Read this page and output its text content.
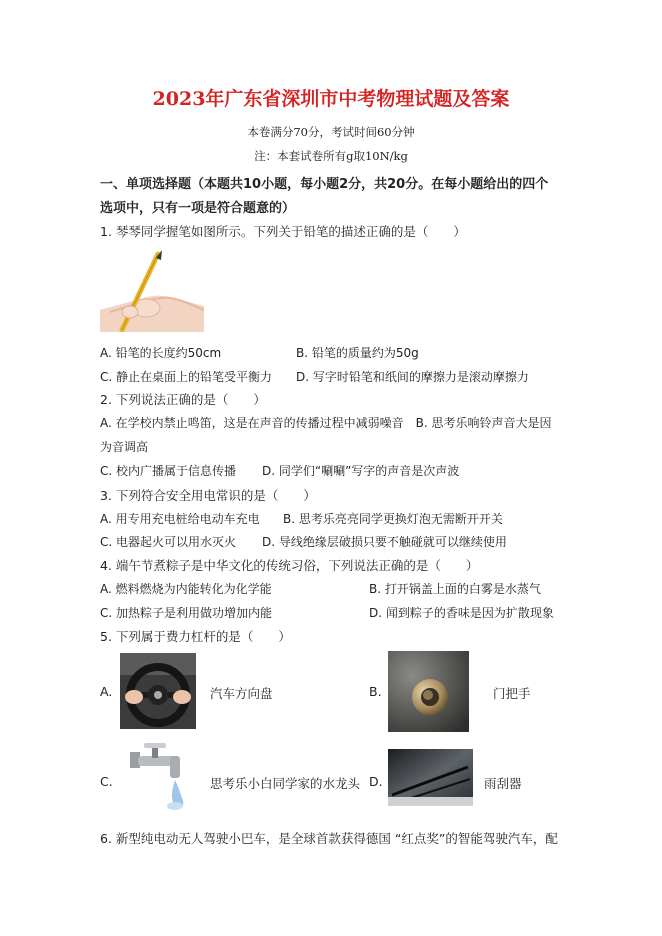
2023年广东省深圳市中考物理试题及答案
本卷满分70分，考试时间60分钟
注：本套试卷所有g取10N/kg
一、单项选择题（本题共10小题，每小题2分，共20分。在每小题给出的四个
选项中，只有一项是符合题意的）
1. 琴琴同学握笔如图所示。下列关于铅笔的描述正确的是（　　）
A. 铅笔的长度约50cm	B. 铅笔的质量约为50g
C. 静止在桌面上的铅笔受平衡力 D. 写字时铅笔和纸间的摩擦力是滚动摩擦力
2. 下列说法正确的是（　　）
A. 在学校内禁止鸣笛，这是在声音的传播过程中减弱噪音　B. 思考乐响铃声音大是因
为音调高
C. 校内广播属于信息传播 D. 同学们“唰唰”写字的声音是次声波
3. 下列符合安全用电常识的是（　　）
A. 用专用充电桩给电动车充电 B. 思考乐亮亮同学更换灯泡无需断开开关
C. 电器起火可以用水灭火 D. 导线绝缘层破损只要不触碰就可以继续使用
4. 端午节煮粽子是中华文化的传统习俗，下列说法正确的是（　　）
A. 燃料燃烧为内能转化为化学能	B. 打开锅盖上面的白雾是水蒸气
C. 加热粽子是利用做功增加内能	D. 闻到粽子的香味是因为扩散现象
5. 下列属于费力杠杆的是（　　）
A.	汽车方向盘	B.	门把手
C.	思考乐小白同学家的水龙头 D.	雨刮器
6. 新型纯电动无人驾驶小巴车，是全球首款获得德国 “红点奖”的智能驾驶汽车，配
